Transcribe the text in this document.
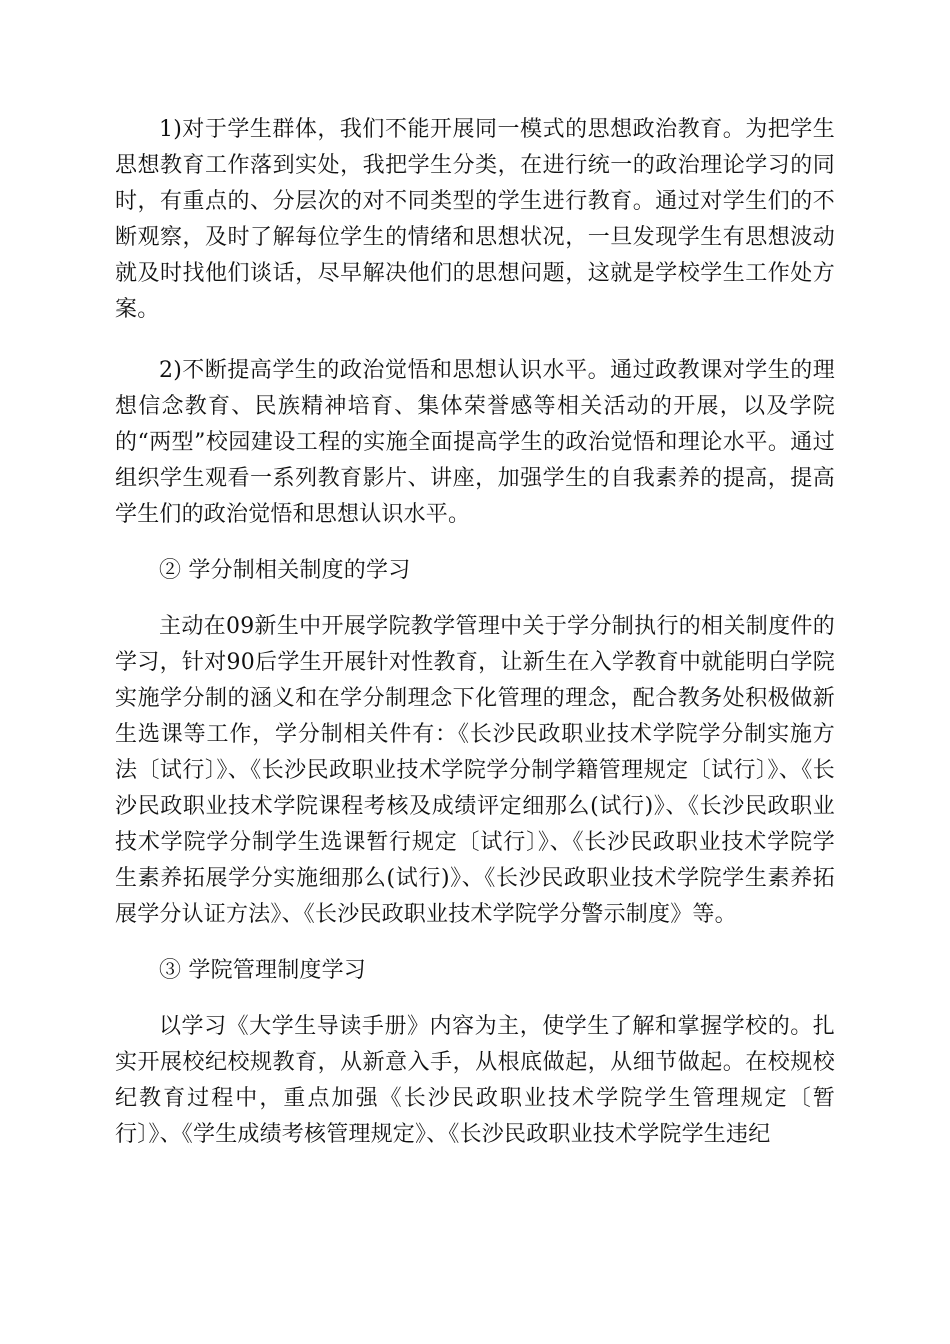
1)对于学生群体，我们不能开展同一模式的思想政治教育。为把学生思想教育工作落到实处，我把学生分类，在进行统一的政治理论学习的同时，有重点的、分层次的对不同类型的学生进行教育。通过对学生们的不断观察，及时了解每位学生的情绪和思想状况，一旦发现学生有思想波动就及时找他们谈话，尽早解决他们的思想问题，这就是学校学生工作处方案。

2)不断提高学生的政治觉悟和思想认识水平。通过政教课对学生的理想信念教育、民族精神培育、集体荣誉感等相关活动的开展，以及学院的“两型”校园建设工程的实施全面提高学生的政治觉悟和理论水平。通过组织学生观看一系列教育影片、讲座，加强学生的自我素养的提高，提高学生们的政治觉悟和思想认识水平。

② 学分制相关制度的学习

主动在09新生中开展学院教学管理中关于学分制执行的相关制度件的学习，针对90后学生开展针对性教育，让新生在入学教育中就能明白学院实施学分制的涵义和在学分制理念下化管理的理念，配合教务处积极做新生选课等工作，学分制相关件有：《长沙民政职业技术学院学分制实施方法〔试行〕》、《长沙民政职业技术学院学分制学籍管理规定〔试行〕》、《长沙民政职业技术学院课程考核及成绩评定细那么(试行)》、《长沙民政职业技术学院学分制学生选课暂行规定〔试行〕》、《长沙民政职业技术学院学生素养拓展学分实施细那么(试行)》、《长沙民政职业技术学院学生素养拓展学分认证方法》、《长沙民政职业技术学院学分警示制度》等。

③ 学院管理制度学习

以学习《大学生导读手册》内容为主，使学生了解和掌握学校的。扎实开展校纪校规教育，从新意入手，从根底做起，从细节做起。在校规校纪教育过程中，重点加强《长沙民政职业技术学院学生管理规定〔暂行〕》、《学生成绩考核管理规定》、《长沙民政职业技术学院学生违纪
